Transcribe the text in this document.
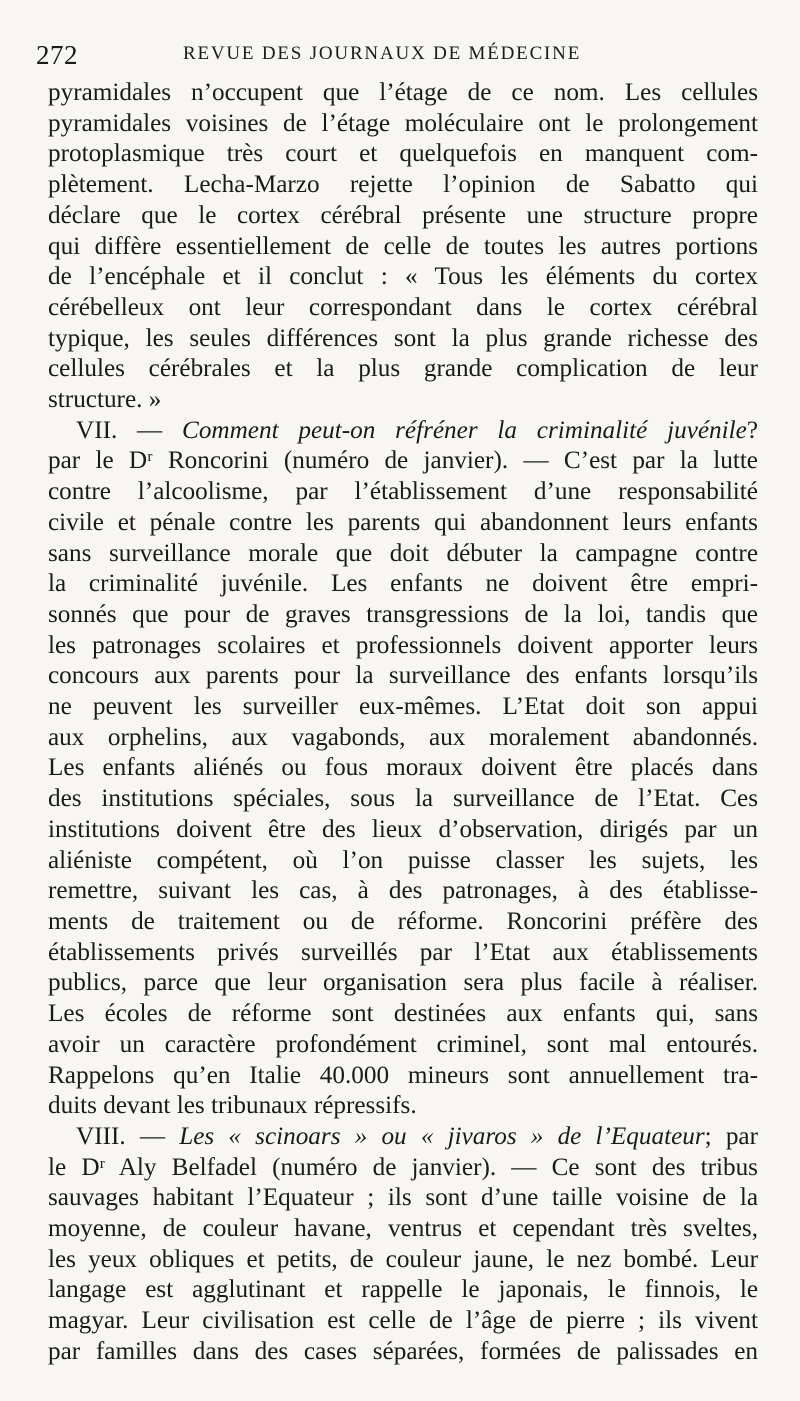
272	REVUE DES JOURNAUX DE MÉDECINE
pyramidales n’occupent que l’étage de ce nom. Les cellules
pyramidales voisines de l’étage moléculaire ont le prolongement
protoplasmique très court et quelquefois en manquent com-
plètement. Lecha-Marzo rejette l’opinion de Sabatto qui
déclare que le cortex cérébral présente une structure propre
qui diffère essentiellement de celle de toutes les autres portions
de l’encéphale et il conclut : « Tous les éléments du cortex
cérébelleux ont leur correspondant dans le cortex cérébral
typique, les seules différences sont la plus grande richesse des
cellules cérébrales et la plus grande complication de leur
structure. »
VII. — Comment peut-on réfréner la criminalité juvénile?
par le Dʳ Roncorini (numéro de janvier). — C’est par la lutte
contre l’alcoolisme, par l’établissement d’une responsabilité
civile et pénale contre les parents qui abandonnent leurs enfants
sans surveillance morale que doit débuter la campagne contre
la criminalité juvénile. Les enfants ne doivent être empri-
sonnés que pour de graves transgressions de la loi, tandis que
les patronages scolaires et professionnels doivent apporter leurs
concours aux parents pour la surveillance des enfants lorsqu’ils
ne peuvent les surveiller eux-mêmes. L’Etat doit son appui
aux orphelins, aux vagabonds, aux moralement abandonnés.
Les enfants aliénés ou fous moraux doivent être placés dans
des institutions spéciales, sous la surveillance de l’Etat. Ces
institutions doivent être des lieux d’observation, dirigés par un
aliéniste compétent, où l’on puisse classer les sujets, les
remettre, suivant les cas, à des patronages, à des établisse-
ments de traitement ou de réforme. Roncorini préfère des
établissements privés surveillés par l’Etat aux établissements
publics, parce que leur organisation sera plus facile à réaliser.
Les écoles de réforme sont destinées aux enfants qui, sans
avoir un caractère profondément criminel, sont mal entourés.
Rappelons qu’en Italie 40.000 mineurs sont annuellement tra-
duits devant les tribunaux répressifs.
VIII. — Les « scinoars » ou « jivaros » de l’Equateur; par
le Dʳ Aly Belfadel (numéro de janvier). — Ce sont des tribus
sauvages habitant l’Equateur ; ils sont d’une taille voisine de la
moyenne, de couleur havane, ventrus et cependant très sveltes,
les yeux obliques et petits, de couleur jaune, le nez bombé. Leur
langage est agglutinant et rappelle le japonais, le finnois, le
magyar. Leur civilisation est celle de l’âge de pierre ; ils vivent
par familles dans des cases séparées, formées de palissades en
